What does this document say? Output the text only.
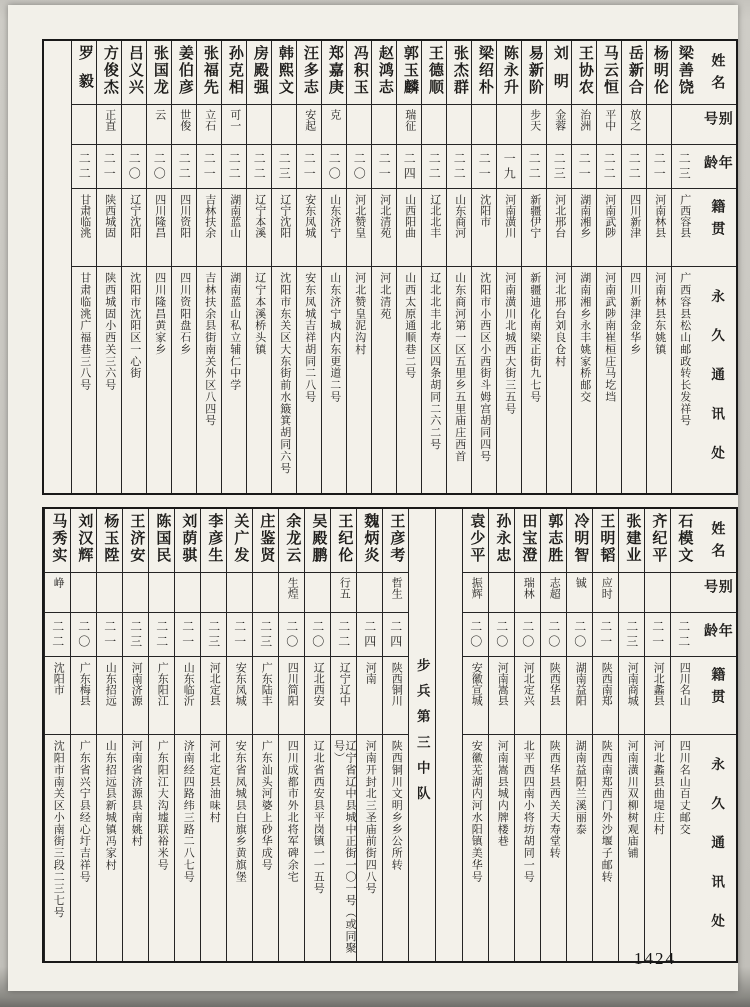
姓名
别号
年龄
籍贯
永久通讯处
梁善饶
二三
广西容县
广西容县松山邮政转长发祥号
杨明伦
二一
河南林县
河南林县东姚镇
岳新合
放之
二二
四川新津
四川新津金华乡
马云恒
平中
二二
河南武陟
河南武陟南崔桓庄马圪垱
王协农
治洲
二一
湖南湘乡
湖南湘乡永丰姚家桥邮交
刘明
金蓉
二三
河北邢台
河北邢台刘良仓村
易新阶
步天
二二
新疆伊宁
新疆迪化南梁正街九七号
陈永升
一九
河南潢川
河南潢川北城西大街三五号
梁绍朴
二一
沈阳市
沈阳市小西区小西街斗姆宫胡同四号
张杰群
二二
山东商河
山东商河第一区五里乡五里庙庄西首
王德顺
二二
辽北北丰
辽北北丰北寿区四条胡同二六二号
郭玉麟
瑞征
二四
山西阳曲
山西太原通顺巷二号
赵鸿志
二一
河北清苑
河北清苑
冯积玉
二〇
河北赞皇
河北赞皇泥沟村
郑嘉庚
克
二〇
山东济宁
山东济宁城内东更道二号
汪多志
安起
二一
安东凤城
安东凤城吉祥胡同二八号
韩熙文
二三
辽宁沈阳
沈阳市东关区大东街前水簸箕胡同六号
房殿强
二二
辽宁本溪
辽宁本溪桥头镇
孙克相
可一
二二
湖南蓝山
湖南蓝山私立辅仁中学
张福先
立石
二一
吉林扶余
吉林扶余县街南关外区八四号
姜伯彦
世俊
二二
四川资阳
四川资阳盘石乡
张国龙
云
二〇
四川隆昌
四川隆昌黄家乡
吕义兴
二〇
辽宁沈阳
沈阳市沈阳区一心街
方俊杰
正直
二一
陕西城固
陕西城固小西关三六号
罗毅
二二
甘肃临洮
甘肃临洮广福巷三八号
姓名
别号
年龄
籍贯
永久通讯处
石模文
二二
四川名山
四川名山百丈邮交
齐纪平
二一
河北蠡县
河北蠡县曲堤庄村
张建业
二三
河南商城
河南潢川双柳树观庙铺
王明韬
应时
二一
陕西南郑
陕西南郑西门外沙堰子邮转
冷明智
铖
二〇
湖南益阳
湖南益阳兰溪丽泰
郭志胜
志超
二〇
陕西华县
陕西华县西关天寿堂转
田宝澄
瑞林
二〇
河北定兴
北平西四南小将坊胡同一号
孙永忠
二〇
河南嵩县
河南嵩县城内牌楼巷
袁少平
振辉
二〇
安徽宣城
安徽芜湖内河水阳镇美华号
步兵第三中队
王彦考
哲生
二四
陕西铜川
陕西铜川文明乡乡公所转
魏炳炎
二四
河南
河南开封北三圣庙前街四八号
王纪伦
行五
二二
辽宁辽中
辽宁省辽中县城中正街一〇一号（或同聚号）
吴殿鹏
二〇
辽北西安
辽北省西安县平岗镇一一五号
余龙云
生煌
二〇
四川简阳
四川成都市外北将军碑余宅
庄鉴贤
二三
广东陆丰
广东汕头河婆上砂华成号
关广发
二一
安东凤城
安东省凤城县白旗乡黄旗堡
李彦生
二三
河北定县
河北定县油味村
刘荫骐
二一
山东临沂
济南经四路纬三路二八七号
陈国民
二二
广东阳江
广东阳江大沟墟联裕米号
王济安
二三
河南济源
河南省济源县南姚村
杨玉陞
二一
山东招远
山东招远县新城镇冯家村
刘汉辉
二〇
广东梅县
广东省兴宁县经心圩吉祥号
马秀实
峥
二二
沈阳市
沈阳市南关区小南街三段二三七号
1424
